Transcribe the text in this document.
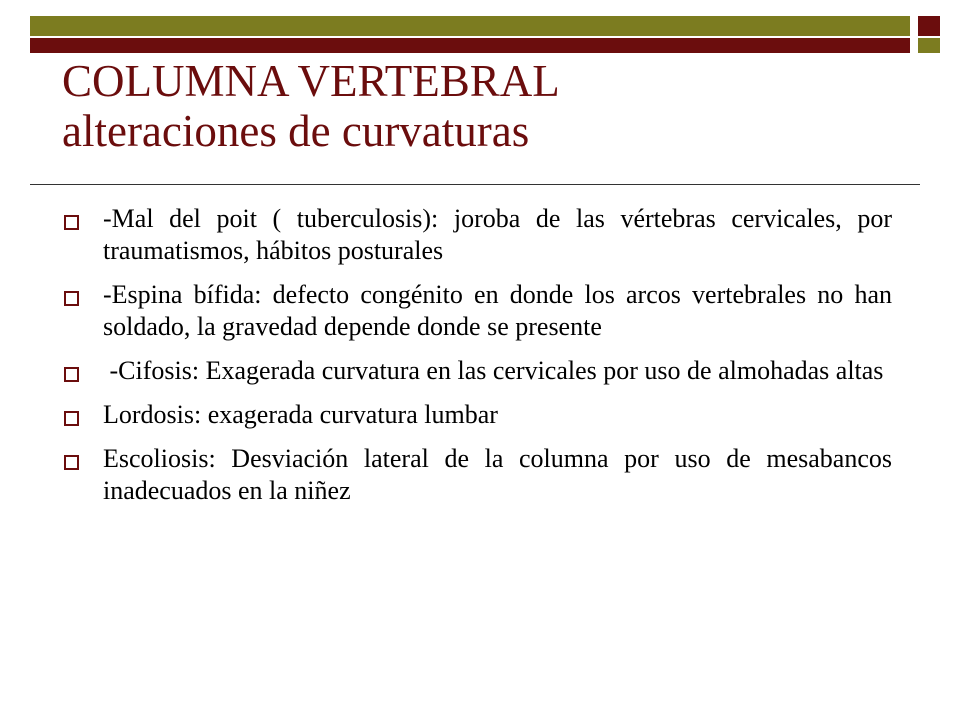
COLUMNA VERTEBRAL
alteraciones de curvaturas
-Mal del poit ( tuberculosis): joroba de las vértebras cervicales, por traumatismos, hábitos posturales
-Espina bífida: defecto congénito en donde los arcos vertebrales no han soldado, la gravedad depende donde se presente
-Cifosis: Exagerada curvatura en las cervicales por uso de almohadas altas
Lordosis: exagerada curvatura lumbar
Escoliosis: Desviación lateral de la columna por uso de mesabancos inadecuados en la niñez
